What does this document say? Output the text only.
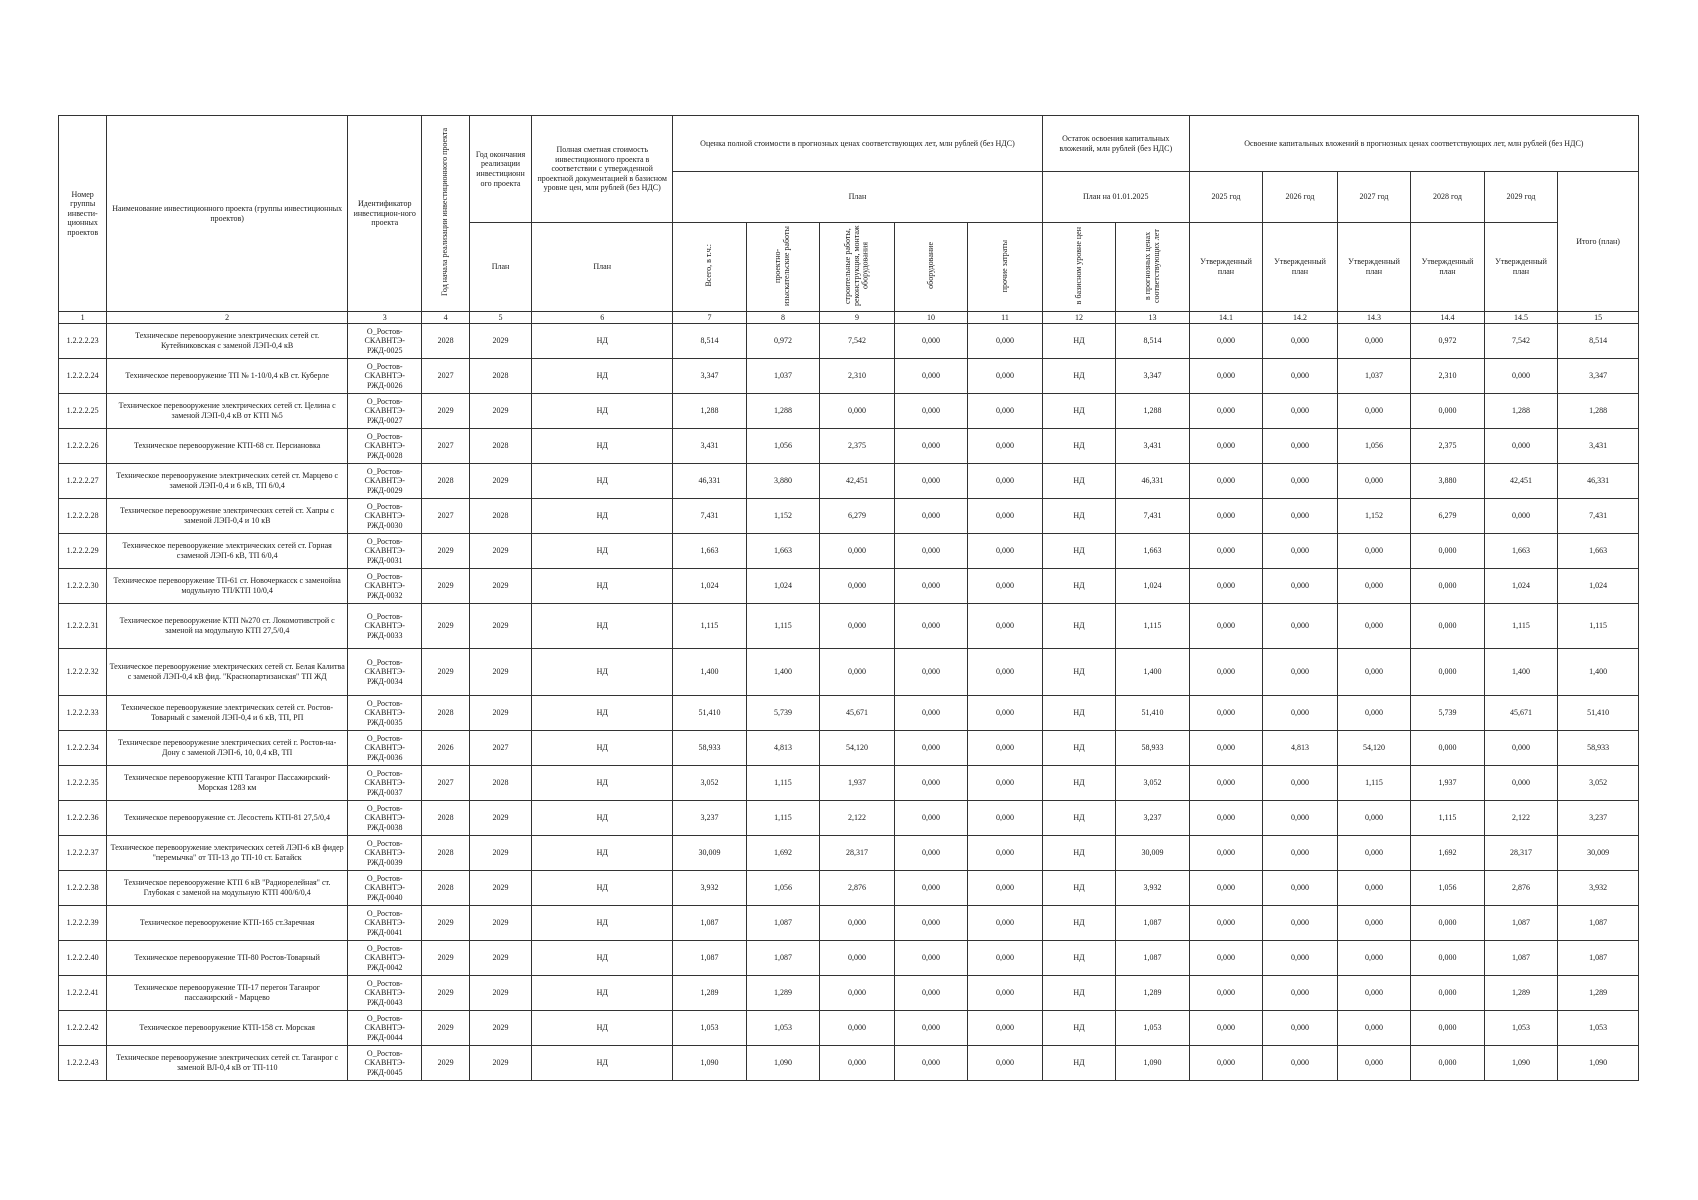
Номер группы инвести-ционных проектов	Наименование инвестиционного проекта (группы инвестиционных проектов)	Идентификатор инвестицион-ного проекта	Год начала реализации инвестиционного проекта	Год окончания реализации инвестиционн ого проекта	Полная сметная стоимость инвестиционного проекта в соответствии с утвержденной проектной документацией в базисном уровне цен, млн рублей (без НДС)	Оценка полной стоимости в прогнозных ценах соответствующих лет, млн рублей (без НДС)					Остаток освоения капитальных вложений, млн рублей (без НДС)		Освоение капитальных вложений в прогнозных ценах соответствующих лет, млн рублей (без НДС)					
						План					План на 01.01.2025		2025 год	2026 год	2027 год	2028 год	2029 год	Итого (план)
				План	План	Всего, в т.ч.:	проектно-изыскательские работы	строительные работы, реконструкция, монтаж оборудования	оборудование	прочие затраты	в базисном уровне цен	в прогнозных ценах соответствующих лет	Утвержденный план	Утвержденный план	Утвержденный план	Утвержденный план	Утвержденный план	
1	2	3	4	5	6	7	8	9	10	11	12	13	14.1	14.2	14.3	14.4	14.5	15
1.2.2.2.23	Техническое перевооружение электрических сетей ст. Кутейниковская с заменой ЛЭП-0,4 кВ	О_Ростов-СКАВНТЭ-РЖД-0025	2028	2029	НД	8,514	0,972	7,542	0,000	0,000	НД	8,514	0,000	0,000	0,000	0,972	7,542	8,514
1.2.2.2.24	Техническое перевооружение ТП № 1-10/0,4 кВ ст. Куберле	О_Ростов-СКАВНТЭ-РЖД-0026	2027	2028	НД	3,347	1,037	2,310	0,000	0,000	НД	3,347	0,000	0,000	1,037	2,310	0,000	3,347
1.2.2.2.25	Техническое перевооружение электрических сетей ст. Целина с заменой ЛЭП-0,4 кВ от КТП №5	О_Ростов-СКАВНТЭ-РЖД-0027	2029	2029	НД	1,288	1,288	0,000	0,000	0,000	НД	1,288	0,000	0,000	0,000	0,000	1,288	1,288
1.2.2.2.26	Техническое перевооружение КТП-68 ст. Персиановка	О_Ростов-СКАВНТЭ-РЖД-0028	2027	2028	НД	3,431	1,056	2,375	0,000	0,000	НД	3,431	0,000	0,000	1,056	2,375	0,000	3,431
1.2.2.2.27	Техническое перевооружение электрических сетей ст. Марцево с заменой ЛЭП-0,4 и 6 кВ, ТП 6/0,4	О_Ростов-СКАВНТЭ-РЖД-0029	2028	2029	НД	46,331	3,880	42,451	0,000	0,000	НД	46,331	0,000	0,000	0,000	3,880	42,451	46,331
1.2.2.2.28	Техническое перевооружение электрических сетей ст. Хапры с заменой ЛЭП-0,4 и 10 кВ	О_Ростов-СКАВНТЭ-РЖД-0030	2027	2028	НД	7,431	1,152	6,279	0,000	0,000	НД	7,431	0,000	0,000	1,152	6,279	0,000	7,431
1.2.2.2.29	Техническое перевооружение электрических сетей ст. Горная сзаменой ЛЭП-6 кВ, ТП 6/0,4	О_Ростов-СКАВНТЭ-РЖД-0031	2029	2029	НД	1,663	1,663	0,000	0,000	0,000	НД	1,663	0,000	0,000	0,000	0,000	1,663	1,663
1.2.2.2.30	Техническое перевооружение ТП-61 ст. Новочеркасск с заменойна модульную ТП/КТП 10/0,4	О_Ростов-СКАВНТЭ-РЖД-0032	2029	2029	НД	1,024	1,024	0,000	0,000	0,000	НД	1,024	0,000	0,000	0,000	0,000	1,024	1,024
1.2.2.2.31	Техническое перевооружение КТП №270 ст. Локомотивстрой с заменой на модульную КТП 27,5/0,4	О_Ростов-СКАВНТЭ-РЖД-0033	2029	2029	НД	1,115	1,115	0,000	0,000	0,000	НД	1,115	0,000	0,000	0,000	0,000	1,115	1,115
1.2.2.2.32	Техническое перевооружение электрических сетей ст. Белая Калитва с заменой ЛЭП-0,4 кВ фид. "Краснопартизанская" ТП ЖД	О_Ростов-СКАВНТЭ-РЖД-0034	2029	2029	НД	1,400	1,400	0,000	0,000	0,000	НД	1,400	0,000	0,000	0,000	0,000	1,400	1,400
1.2.2.2.33	Техническое перевооружение электрических сетей ст. Ростов-Товарный с заменой ЛЭП-0,4 и 6 кВ, ТП, РП	О_Ростов-СКАВНТЭ-РЖД-0035	2028	2029	НД	51,410	5,739	45,671	0,000	0,000	НД	51,410	0,000	0,000	0,000	5,739	45,671	51,410
1.2.2.2.34	Техническое перевооружение электрических сетей г. Ростов-на-Дону с заменой ЛЭП-6, 10, 0,4 кВ, ТП	О_Ростов-СКАВНТЭ-РЖД-0036	2026	2027	НД	58,933	4,813	54,120	0,000	0,000	НД	58,933	0,000	4,813	54,120	0,000	0,000	58,933
1.2.2.2.35	Техническое перевооружение КТП Таганрог Пассажирский- Морская 1283 км	О_Ростов-СКАВНТЭ-РЖД-0037	2027	2028	НД	3,052	1,115	1,937	0,000	0,000	НД	3,052	0,000	0,000	1,115	1,937	0,000	3,052
1.2.2.2.36	Техническое перевооружение ст. Лесостепь КТП-81 27,5/0,4	О_Ростов-СКАВНТЭ-РЖД-0038	2028	2029	НД	3,237	1,115	2,122	0,000	0,000	НД	3,237	0,000	0,000	0,000	1,115	2,122	3,237
1.2.2.2.37	Техническое перевооружение электрических сетей ЛЭП-6 кВ фидер "перемычка" от ТП-13 до ТП-10 ст. Батайск	О_Ростов-СКАВНТЭ-РЖД-0039	2028	2029	НД	30,009	1,692	28,317	0,000	0,000	НД	30,009	0,000	0,000	0,000	1,692	28,317	30,009
1.2.2.2.38	Техническое перевооружение КТП 6 кВ "Радиорелейная" ст. Глубокая с заменой на модульную КТП 400/6/0,4	О_Ростов-СКАВНТЭ-РЖД-0040	2028	2029	НД	3,932	1,056	2,876	0,000	0,000	НД	3,932	0,000	0,000	0,000	1,056	2,876	3,932
1.2.2.2.39	Техническое перевооружение КТП-165 ст.Заречная	О_Ростов-СКАВНТЭ-РЖД-0041	2029	2029	НД	1,087	1,087	0,000	0,000	0,000	НД	1,087	0,000	0,000	0,000	0,000	1,087	1,087
1.2.2.2.40	Техническое перевооружение ТП-80 Ростов-Товарный	О_Ростов-СКАВНТЭ-РЖД-0042	2029	2029	НД	1,087	1,087	0,000	0,000	0,000	НД	1,087	0,000	0,000	0,000	0,000	1,087	1,087
1.2.2.2.41	Техническое перевооружение ТП-17 перегон Таганрог пассажирский - Марцево	О_Ростов-СКАВНТЭ-РЖД-0043	2029	2029	НД	1,289	1,289	0,000	0,000	0,000	НД	1,289	0,000	0,000	0,000	0,000	1,289	1,289
1.2.2.2.42	Техническое перевооружение КТП-158 ст. Морская	О_Ростов-СКАВНТЭ-РЖД-0044	2029	2029	НД	1,053	1,053	0,000	0,000	0,000	НД	1,053	0,000	0,000	0,000	0,000	1,053	1,053
1.2.2.2.43	Техническое перевооружение электрических сетей ст. Таганрог с заменой ВЛ-0,4 кВ от ТП-110	О_Ростов-СКАВНТЭ-РЖД-0045	2029	2029	НД	1,090	1,090	0,000	0,000	0,000	НД	1,090	0,000	0,000	0,000	0,000	1,090	1,090
